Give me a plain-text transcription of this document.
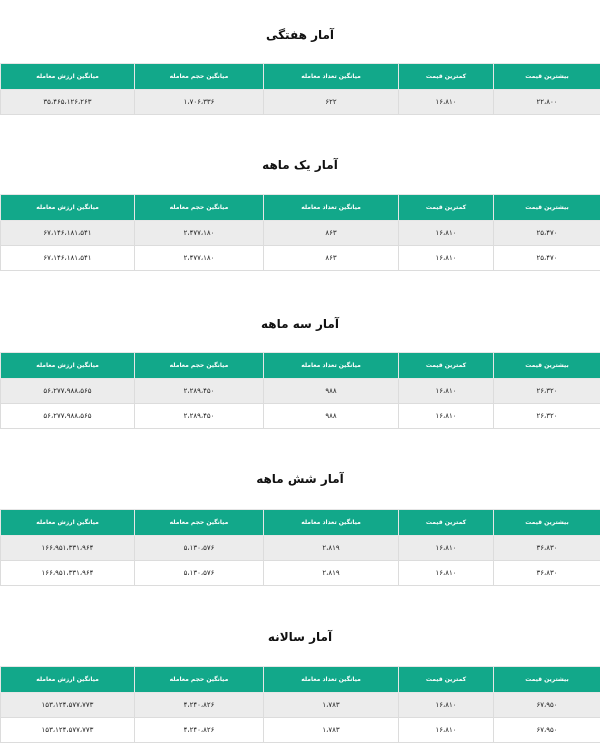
آمار هفتگی
بیشترین قیمت	کمترین قیمت	میانگین تعداد معامله	میانگین حجم معامله	میانگین ارزش معامله
۲۲،۸۰۰	۱۶،۸۱۰	۶۲۲	۱،۷۰۶،۳۳۶	۳۵،۴۶۵،۱۲۶،۲۶۳
آمار یک ماهه
بیشترین قیمت	کمترین قیمت	میانگین تعداد معامله	میانگین حجم معامله	میانگین ارزش معامله
۲۵،۴۷۰	۱۶،۸۱۰	۸۶۳	۲،۴۷۷،۱۸۰	۶۷،۱۴۶،۱۸۱،۵۴۱
۲۵،۴۷۰	۱۶،۸۱۰	۸۶۳	۲،۴۷۷،۱۸۰	۶۷،۱۴۶،۱۸۱،۵۴۱
آمار سه ماهه
بیشترین قیمت	کمترین قیمت	میانگین تعداد معامله	میانگین حجم معامله	میانگین ارزش معامله
۲۶،۳۲۰	۱۶،۸۱۰	۹۸۸	۲،۲۸۹،۴۵۰	۵۶،۲۷۷،۹۸۸،۵۶۵
۲۶،۳۲۰	۱۶،۸۱۰	۹۸۸	۲،۲۸۹،۴۵۰	۵۶،۲۷۷،۹۸۸،۵۶۵
آمار شش ماهه
بیشترین قیمت	کمترین قیمت	میانگین تعداد معامله	میانگین حجم معامله	میانگین ارزش معامله
۳۶،۸۳۰	۱۶،۸۱۰	۲،۸۱۹	۵،۱۳۰،۵۷۶	۱۶۶،۹۵۱،۳۳۱،۹۶۴
۳۶،۸۳۰	۱۶،۸۱۰	۲،۸۱۹	۵،۱۳۰،۵۷۶	۱۶۶،۹۵۱،۳۳۱،۹۶۴
آمار سالانه
بیشترین قیمت	کمترین قیمت	میانگین تعداد معامله	میانگین حجم معامله	میانگین ارزش معامله
۶۷،۹۵۰	۱۶،۸۱۰	۱،۷۸۳	۴،۲۴۰،۸۲۶	۱۵۳،۱۲۴،۵۷۷،۷۷۳
۶۷،۹۵۰	۱۶،۸۱۰	۱،۷۸۳	۴،۲۴۰،۸۲۶	۱۵۳،۱۲۴،۵۷۷،۷۷۳
